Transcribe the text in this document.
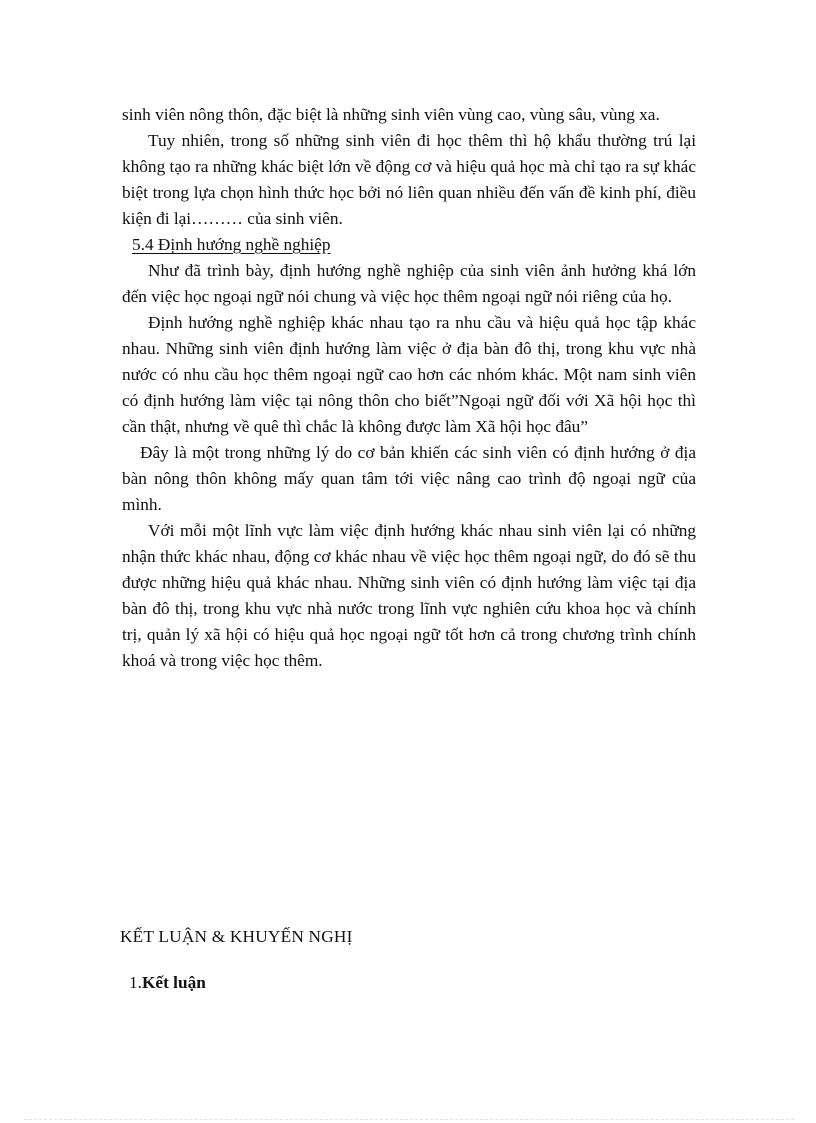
sinh viên nông thôn, đặc biệt là những sinh viên vùng cao, vùng sâu, vùng xa.

Tuy nhiên, trong số những sinh viên đi học thêm thì hộ khẩu thường trú lại không tạo ra những khác biệt lớn về động cơ và hiệu quả học mà chỉ tạo ra sự khác biệt trong lựa chọn hình thức học bởi nó liên quan nhiều đến vấn đề kinh phí, điều kiện đi lại……… của sinh viên.

5.4 Định hướng nghề nghiệp

Như đã trình bày, định hướng nghề nghiệp của sinh viên ảnh hưởng khá lớn đến việc học ngoại ngữ nói chung và việc học thêm ngoại ngữ nói riêng của họ.

Định hướng nghề nghiệp khác nhau tạo ra nhu cầu và hiệu quả học tập khác nhau. Những sinh viên định hướng làm việc ở địa bàn đô thị, trong khu vực nhà nước có nhu cầu học thêm ngoại ngữ cao hơn các nhóm khác. Một nam sinh viên có định hướng làm việc tại nông thôn cho biết”Ngoại ngữ đối với Xã hội học thì cần thật, nhưng về quê thì chắc là không được làm Xã hội học đâu”

Đây là một trong những lý do cơ bản khiến các sinh viên có định hướng ở địa bàn nông thôn không mấy quan tâm tới việc nâng cao trình độ ngoại ngữ của mình.

Với mỗi một lĩnh vực làm việc định hướng khác nhau sinh viên lại có những nhận thức khác nhau, động cơ khác nhau về việc học thêm ngoại ngữ, do đó sẽ thu được những hiệu quả khác nhau. Những sinh viên có định hướng làm việc tại địa bàn đô thị, trong khu vực nhà nước trong lĩnh vực nghiên cứu khoa học và chính trị, quản lý xã hội có hiệu quả học ngoại ngữ tốt hơn cả trong chương trình chính khoá và trong việc học thêm.

KẾT LUẬN & KHUYẾN NGHỊ
1.Kết luận
